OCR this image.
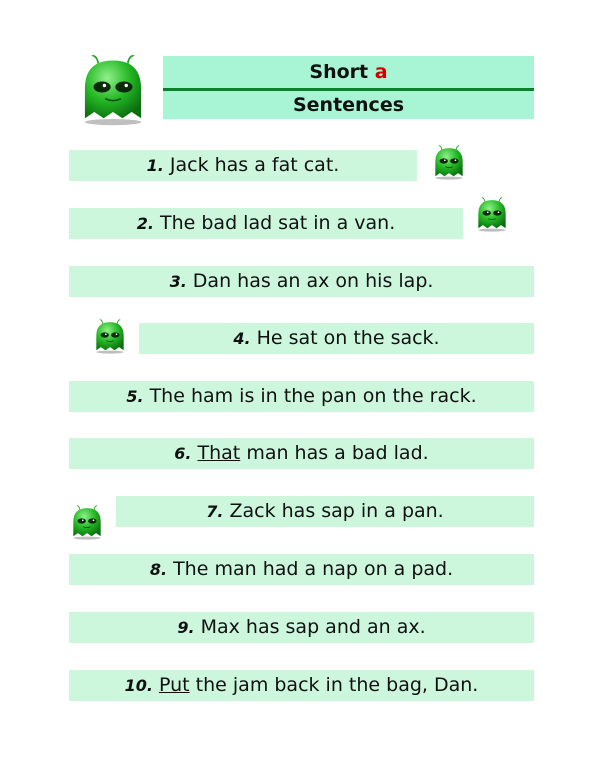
Short a
Sentences
1. Jack has a fat cat.
2. The bad lad sat in a van.
3. Dan has an ax on his lap.
4. He sat on the sack.
5. The ham is in the pan on the rack.
6. That man has a bad lad.
7. Zack has sap in a pan.
8. The man had a nap on a pad.
9. Max has sap and an ax.
10. Put the jam back in the bag, Dan.
